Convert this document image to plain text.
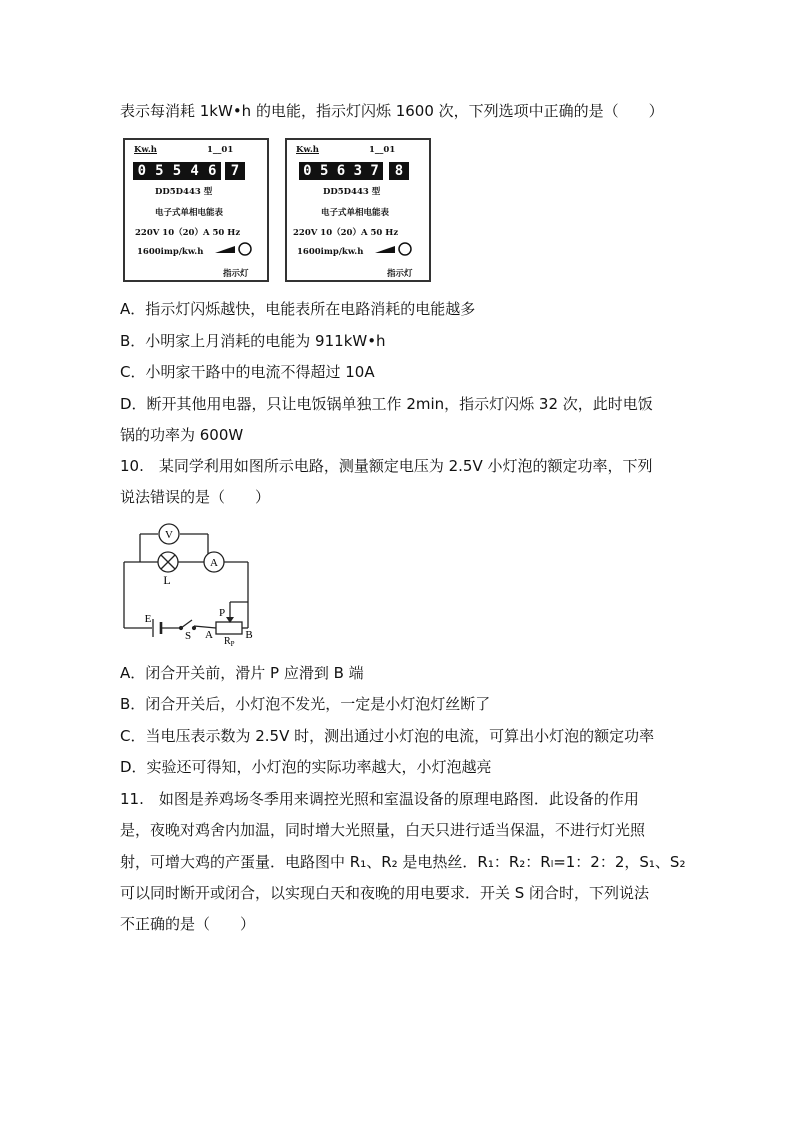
表示每消耗 1kW•h 的电能，指示灯闪烁 1600 次，下列选项中正确的是（　　）
Kw.h	1__01
0 5 5 4 6	7
DD5D443 型
电子式单相电能表
220V 10（20）A 50 Hz
1600imp/kw.h
指示灯
Kw.h	1__01
0 5 6 3 7	8
DD5D443 型
电子式单相电能表
220V 10（20）A 50 Hz
1600imp/kw.h
指示灯
A．指示灯闪烁越快，电能表所在电路消耗的电能越多
B．小明家上月消耗的电能为 911kW•h
C．小明家干路中的电流不得超过 10A
D．断开其他用电器，只让电饭锅单独工作 2min，指示灯闪烁 32 次，此时电饭
锅的功率为 600W
10.　某同学利用如图所示电路，测量额定电压为 2.5V 小灯泡的额定功率，下列
说法错误的是（　　）
V
A
L
E
S
P
A
$R_P$
B
A．闭合开关前，滑片 P 应滑到 B 端
B．闭合开关后，小灯泡不发光，一定是小灯泡灯丝断了
C．当电压表示数为 2.5V 时，测出通过小灯泡的电流，可算出小灯泡的额定功率
D．实验还可得知，小灯泡的实际功率越大，小灯泡越亮
11.　如图是养鸡场冬季用来调控光照和室温设备的原理电路图．此设备的作用
是，夜晚对鸡舍内加温，同时增大光照量，白天只进行适当保温，不进行灯光照
射，可增大鸡的产蛋量．电路图中 R₁、R₂ 是电热丝．R₁：R₂：Rₗ=1：2：2，S₁、S₂
可以同时断开或闭合，以实现白天和夜晚的用电要求．开关 S 闭合时，下列说法
不正确的是（　　）
